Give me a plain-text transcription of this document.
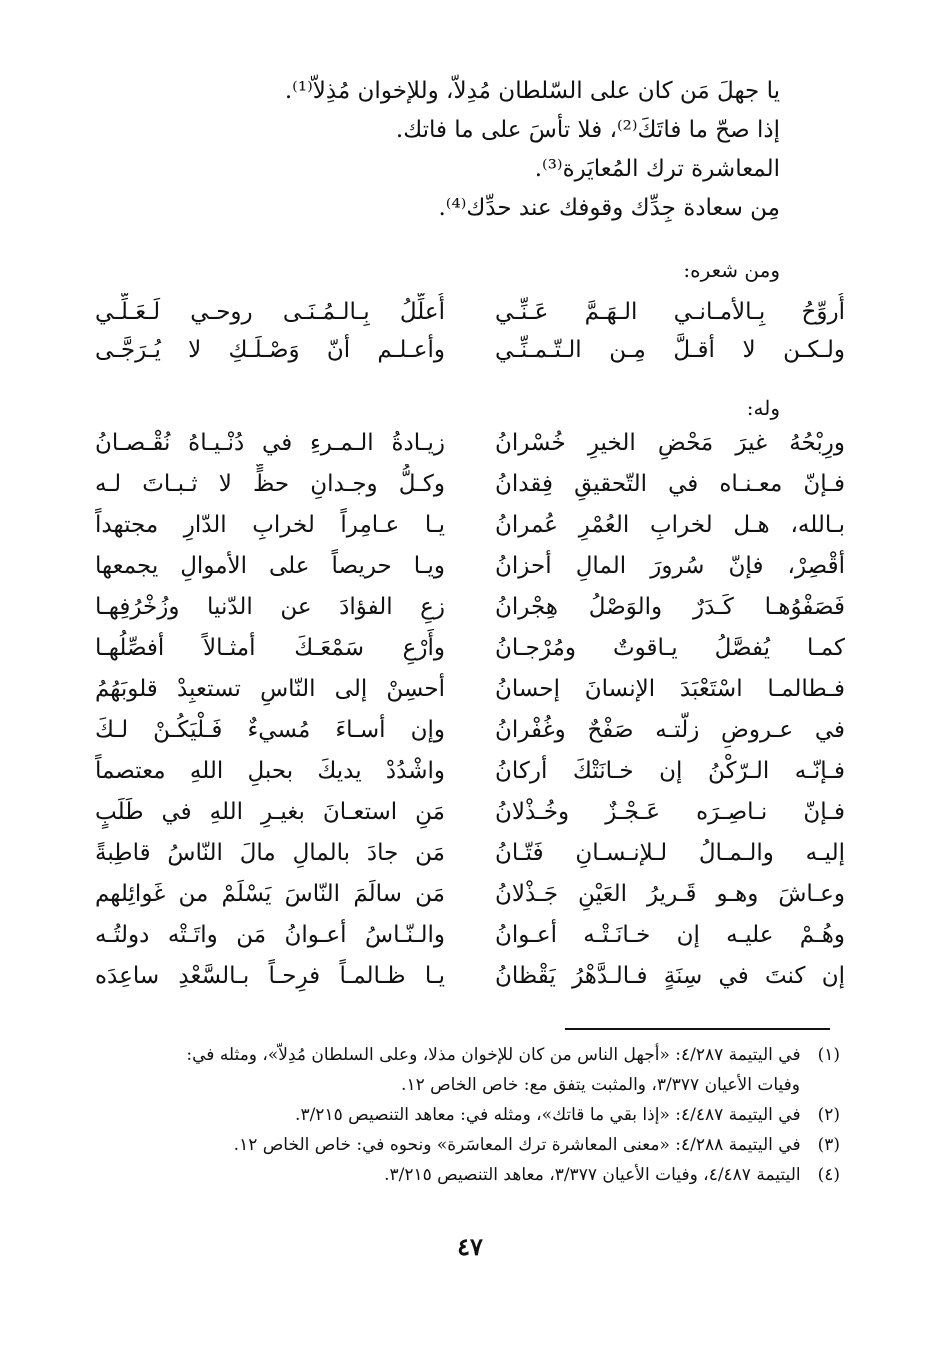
يا جهلَ مَن كان على السّلطان مُدِلاّ، وللإخوان مُذِلاّ⁽¹⁾.
إذا صحّ ما فاتَكَ⁽²⁾، فلا تأسَ على ما فاتك.
المعاشرة ترك المُعايَرة⁽³⁾.
مِن سعادة جِدِّك وقوفك عند حدِّك⁽⁴⁾.
ومن شعره:
أُعلِّلُ بِـالـمُـنَـى روحـي لَـعَـلِّـي أُروِّحُ بِـالأمـانـي الـهَـمَّ عَـنِّـي
وأعـلـم أنّ وَصْـلَـكِ لا يُـرَجَّـى ولـكـن لا أقـلَّ مِـن الـتّـمـنِّـي
وله:
زيـادةُ الـمـرءِ في دُنْـيـاهُ نُقْـصـانُ ورِبْحُهُ غيرَ مَحْضِ الخيرِ خُسْرانُ
وكـلُّ وجـدانِ حظٍّ لا ثـبـاتَ لـه فـإنّ معـنـاه في التّحقيقِ فِقدانُ
يـا عـامِراً لخرابِ الدّارِ مجتهداً بـالله، هـل لخرابِ العُمْرِ عُمرانُ
ويـا حريصاً على الأموالِ يجمعها أقْصِرْ، فإنّ سُرورَ المالِ أحزانُ
زعِ الفؤادَ عن الدّنيا وزُخْرُفِهـا فَصَفْوُهـا كَـدَرٌ والوَصْلُ هِجْرانُ
وأَرْعِ سَمْعَـكَ أمثـالاً أفصِّلُهـا كمـا يُفصَّلُ يـاقوتٌ ومُرْجـانُ
أحسِنْ إلى النّاسِ تستعبِدْ قلوبَهُمُ فـطالمـا اسْتَعْبَدَ الإنسانَ إحسانُ
وإن أسـاءَ مُسيءٌ فَـلْيَكُـنْ لـكَ في عـروضِ زلّتـه صَفْحٌ وغُفْرانُ
واشْدُدْ يديكَ بحبلِ اللهِ معتصماً فـإنّـه الـرّكْنُ إن خـانَتْكَ أركانُ
مَنِ استعـانَ بغيـرِ اللهِ في طَلَبٍ فـإنّ نـاصِـرَه عَـجْـزٌ وخُـذْلانُ
مَن جادَ بالمالِ مالَ النّاسُ قاطِبةً إليـه والـمـالُ لـلإنـسـانِ فَتّـانُ
مَن سالَمَ النّاسَ يَسْلَمْ من غَوائِلهم وعـاشَ وهـو قَـريرُ العَيْنِ جَـذْلانُ
والـنّـاسُ أعـوانُ مَن واتَـتْه دولتُـه وهُـمْ عليـه إن خـانَـتْـه أعـوانُ
يـا ظـالمـاً فرِحـاً بـالسَّعْدِ ساعِدَه إن كنتَ في سِنَةٍ فـالـدَّهْرُ يَقْظانُ
(١) في اليتيمة ٤/٢٨٧: «أجهل الناس من كان للإخوان مذلا، وعلى السلطان مُدِلاّ»، ومثله في:
وفيات الأعيان ٣/٣٧٧، والمثبت يتفق مع: خاص الخاص ١٢.
(٢) في اليتيمة ٤/٤٨٧: «إذا بقي ما قاتك»، ومثله في: معاهد التنصيص ٣/٢١٥.
(٣) في اليتيمة ٤/٢٨٨: «معنى المعاشرة ترك المعاسَرة» ونحوه في: خاص الخاص ١٢.
(٤) اليتيمة ٤/٤٨٧، وفيات الأعيان ٣/٣٧٧، معاهد التنصيص ٣/٢١٥.
٤٧
